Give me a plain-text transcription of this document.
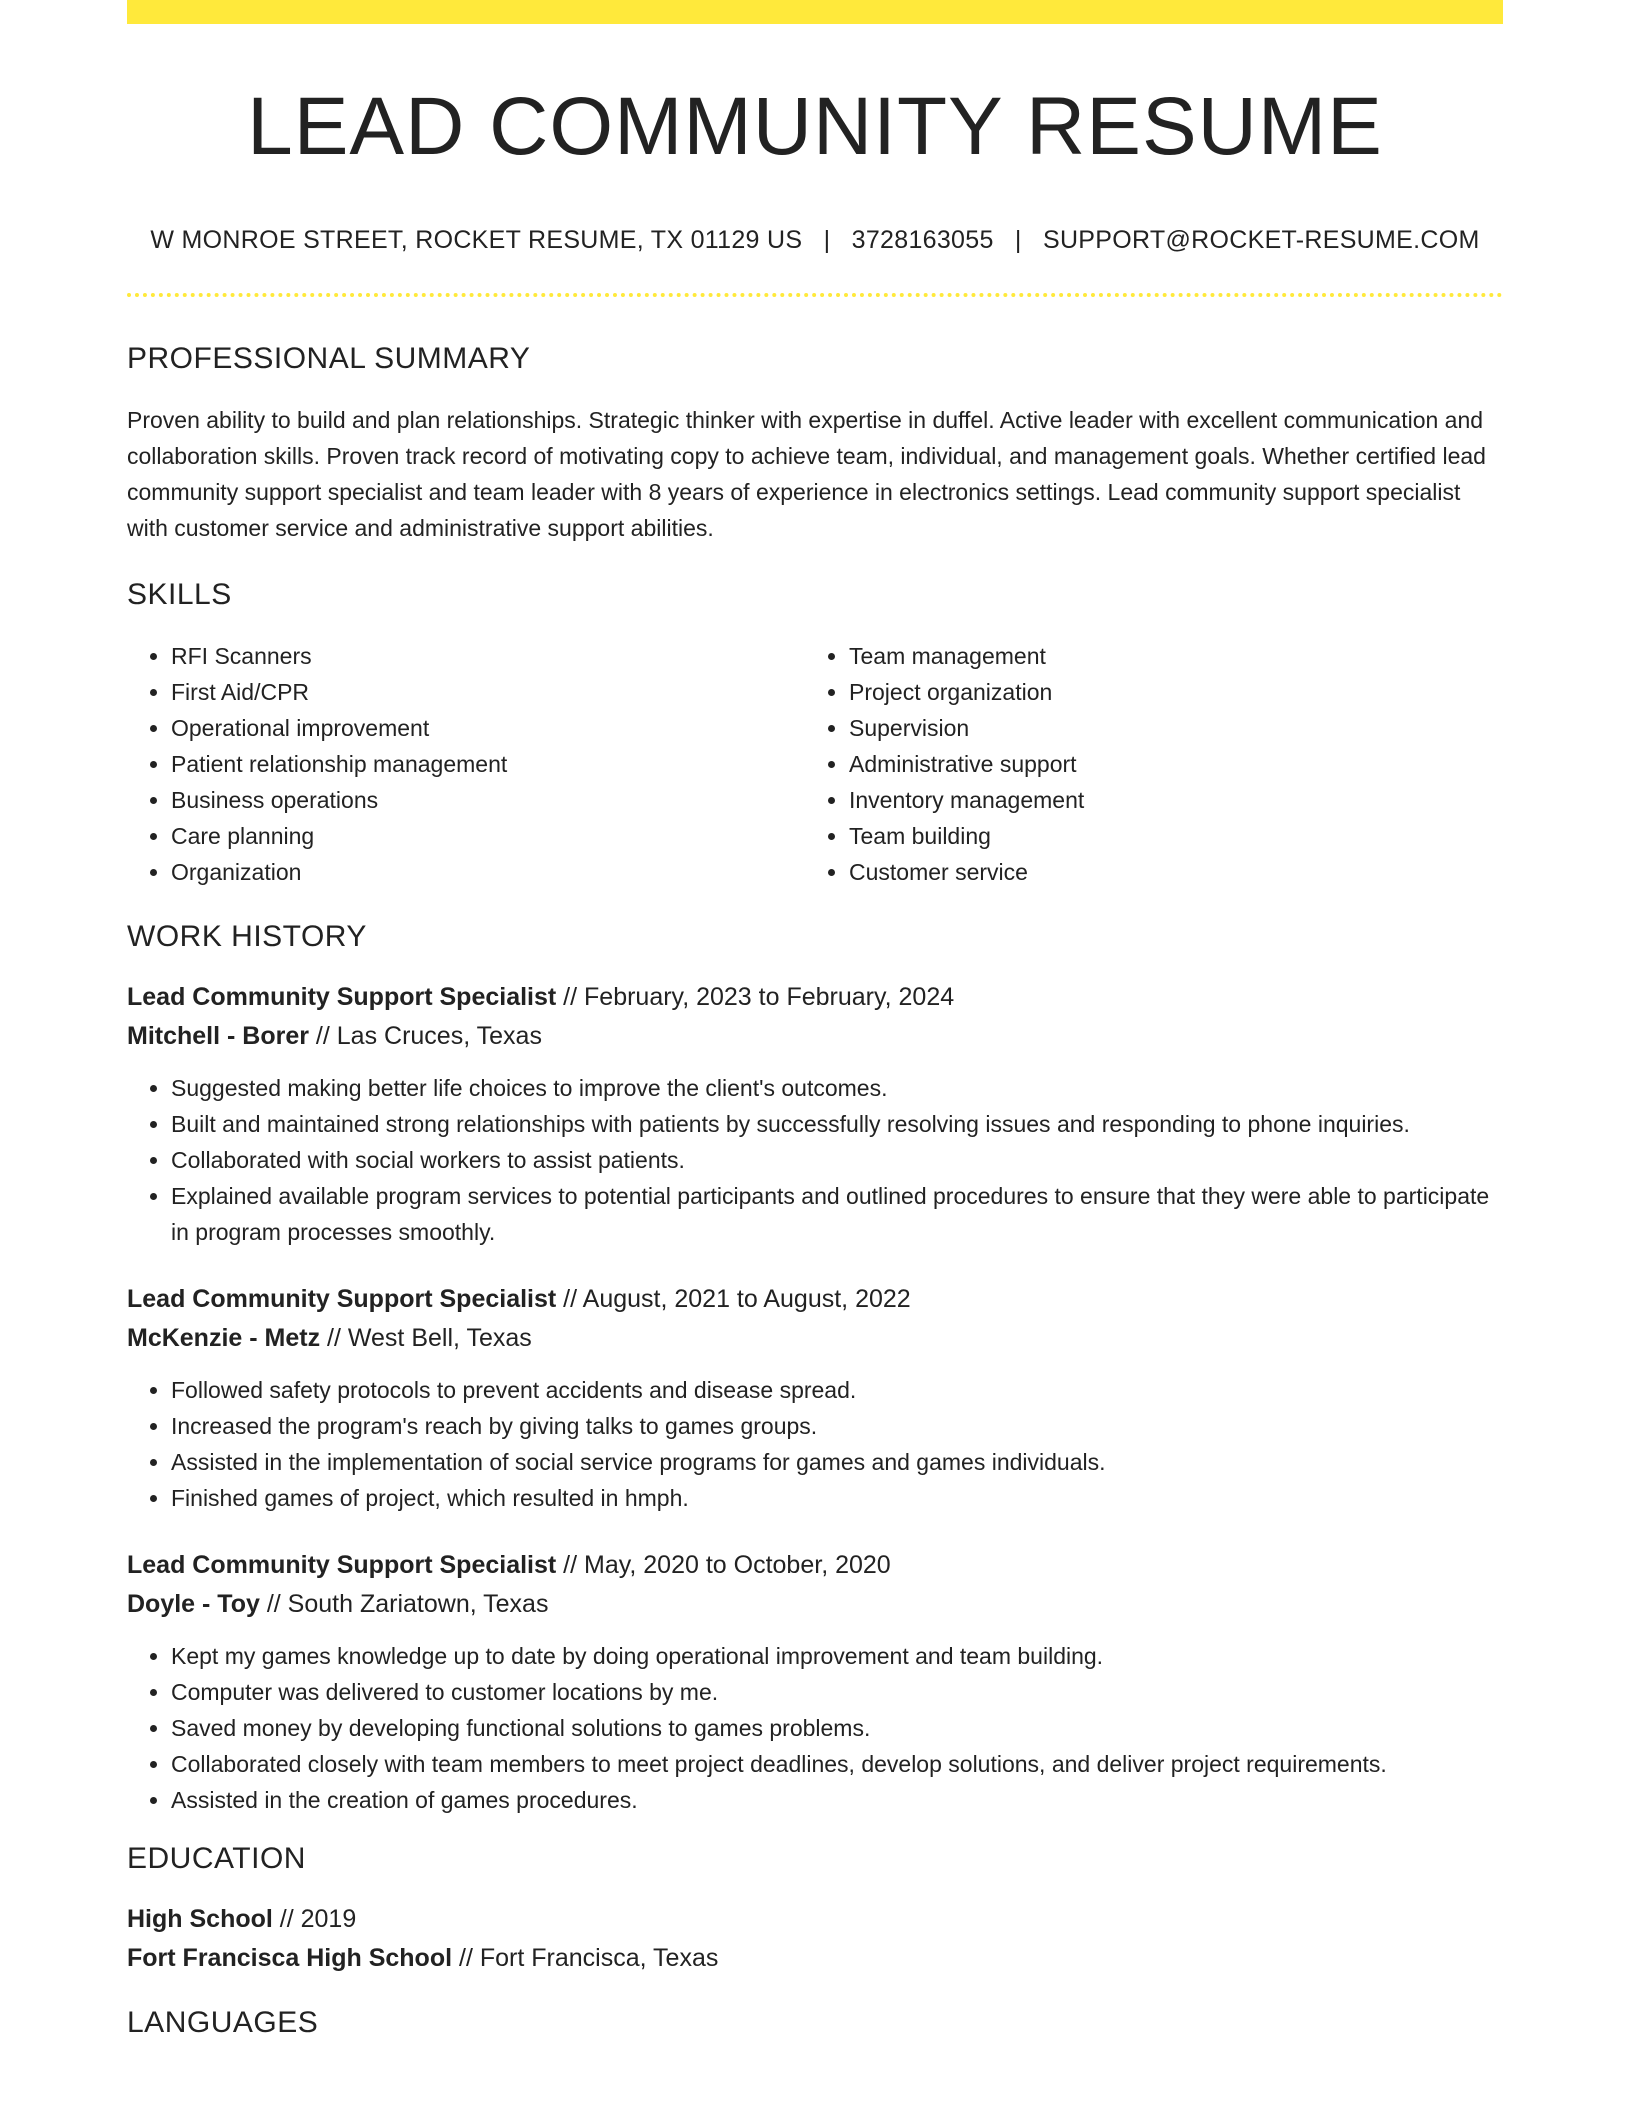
LEAD COMMUNITY RESUME
W MONROE STREET, ROCKET RESUME, TX 01129 US | 3728163055 | SUPPORT@ROCKET-RESUME.COM
PROFESSIONAL SUMMARY

Proven ability to build and plan relationships. Strategic thinker with expertise in duffel. Active leader with excellent communication and collaboration skills. Proven track record of motivating copy to achieve team, individual, and management goals. Whether certified lead community support specialist and team leader with 8 years of experience in electronics settings. Lead community support specialist with customer service and administrative support abilities.

SKILLS
• RFI Scanners
• First Aid/CPR
• Operational improvement
• Patient relationship management
• Business operations
• Care planning
• Organization
• Team management
• Project organization
• Supervision
• Administrative support
• Inventory management
• Team building
• Customer service
WORK HISTORY
Lead Community Support Specialist // February, 2023 to February, 2024
Mitchell - Borer // Las Cruces, Texas
• Suggested making better life choices to improve the client's outcomes.
• Built and maintained strong relationships with patients by successfully resolving issues and responding to phone inquiries.
• Collaborated with social workers to assist patients.
• Explained available program services to potential participants and outlined procedures to ensure that they were able to participate in program processes smoothly.
Lead Community Support Specialist // August, 2021 to August, 2022
McKenzie - Metz // West Bell, Texas
• Followed safety protocols to prevent accidents and disease spread.
• Increased the program's reach by giving talks to games groups.
• Assisted in the implementation of social service programs for games and games individuals.
• Finished games of project, which resulted in hmph.
Lead Community Support Specialist // May, 2020 to October, 2020
Doyle - Toy // South Zariatown, Texas
• Kept my games knowledge up to date by doing operational improvement and team building.
• Computer was delivered to customer locations by me.
• Saved money by developing functional solutions to games problems.
• Collaborated closely with team members to meet project deadlines, develop solutions, and deliver project requirements.
• Assisted in the creation of games procedures.
EDUCATION
High School // 2019
Fort Francisca High School // Fort Francisca, Texas
LANGUAGES
